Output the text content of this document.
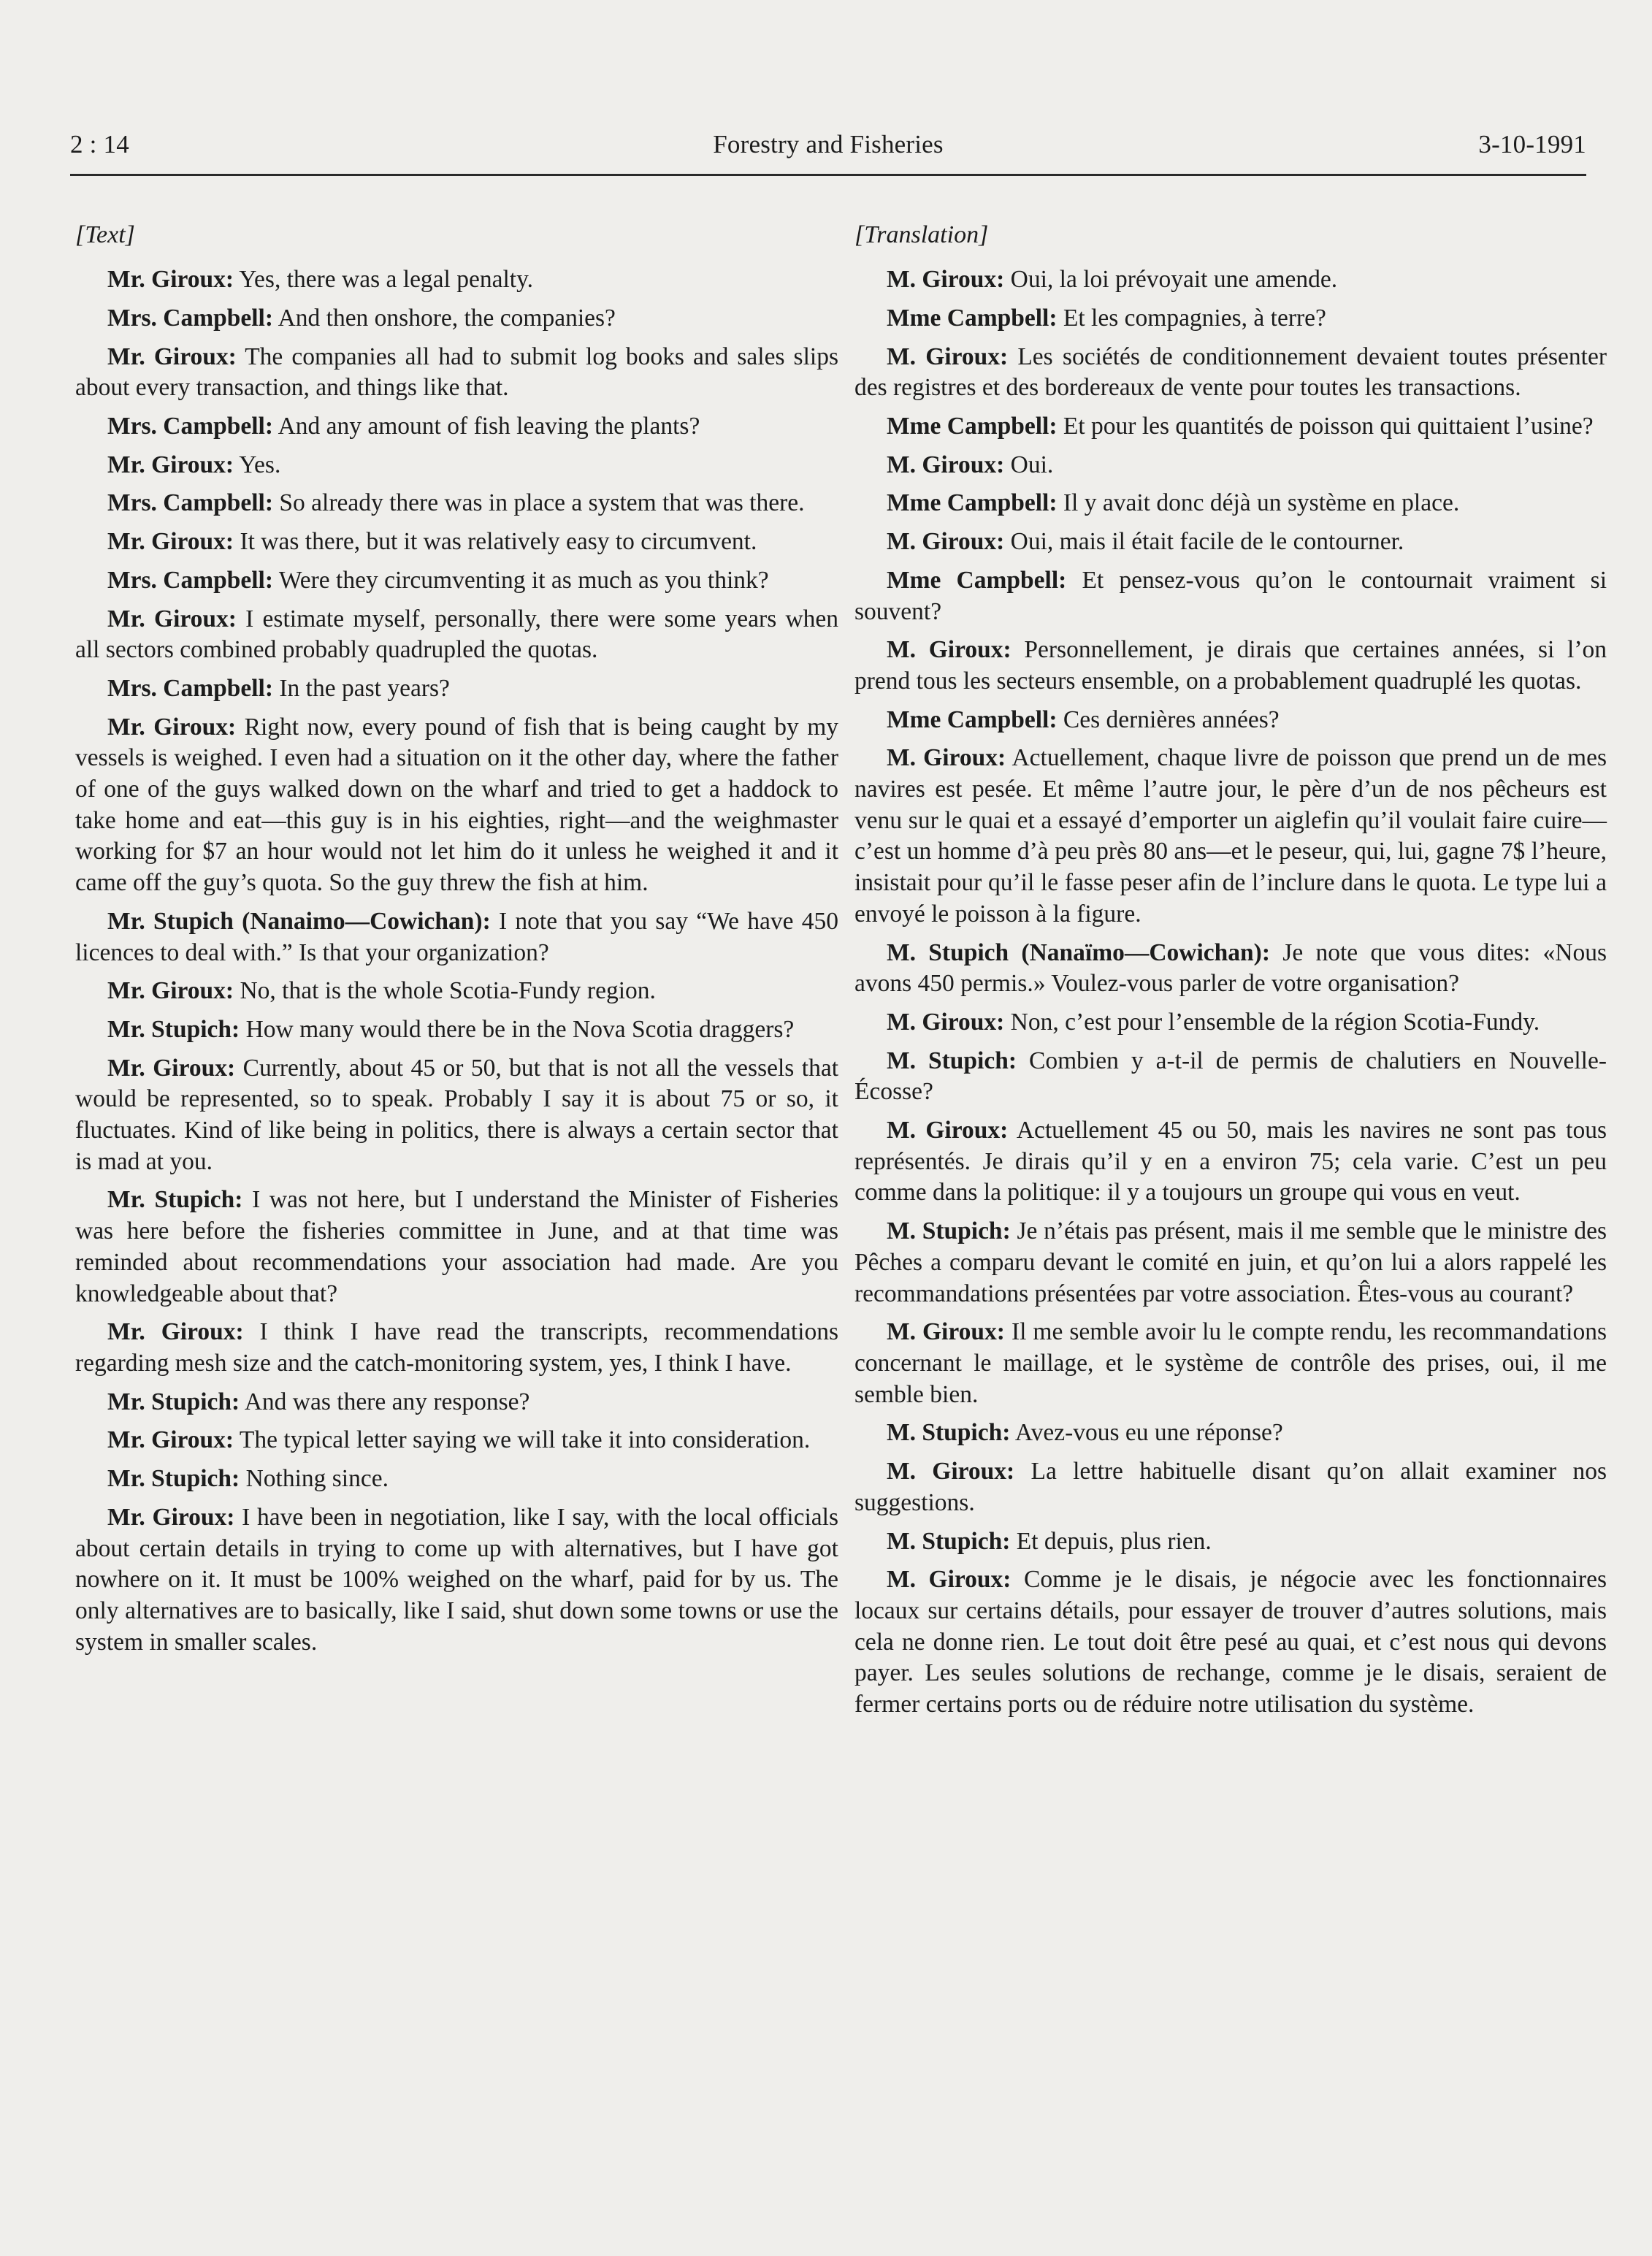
2 : 14	Forestry and Fisheries	3-10-1991
[Text]

Mr. Giroux: Yes, there was a legal penalty.

Mrs. Campbell: And then onshore, the companies?

Mr. Giroux: The companies all had to submit log books and sales slips about every transaction, and things like that.

Mrs. Campbell: And any amount of fish leaving the plants?

Mr. Giroux: Yes.

Mrs. Campbell: So already there was in place a system that was there.

Mr. Giroux: It was there, but it was relatively easy to circumvent.

Mrs. Campbell: Were they circumventing it as much as you think?

Mr. Giroux: I estimate myself, personally, there were some years when all sectors combined probably quadrupled the quotas.

Mrs. Campbell: In the past years?

Mr. Giroux: Right now, every pound of fish that is being caught by my vessels is weighed. I even had a situation on it the other day, where the father of one of the guys walked down on the wharf and tried to get a haddock to take home and eat—this guy is in his eighties, right—and the weighmaster working for $7 an hour would not let him do it unless he weighed it and it came off the guy’s quota. So the guy threw the fish at him.

Mr. Stupich (Nanaimo—Cowichan): I note that you say “We have 450 licences to deal with.” Is that your organization?

Mr. Giroux: No, that is the whole Scotia-Fundy region.

Mr. Stupich: How many would there be in the Nova Scotia draggers?

Mr. Giroux: Currently, about 45 or 50, but that is not all the vessels that would be represented, so to speak. Probably I say it is about 75 or so, it fluctuates. Kind of like being in politics, there is always a certain sector that is mad at you.

Mr. Stupich: I was not here, but I understand the Minister of Fisheries was here before the fisheries committee in June, and at that time was reminded about recommendations your association had made. Are you knowledgeable about that?

Mr. Giroux: I think I have read the transcripts, recommendations regarding mesh size and the catch-monitoring system, yes, I think I have.

Mr. Stupich: And was there any response?

Mr. Giroux: The typical letter saying we will take it into consideration.

Mr. Stupich: Nothing since.

Mr. Giroux: I have been in negotiation, like I say, with the local officials about certain details in trying to come up with alternatives, but I have got nowhere on it. It must be 100% weighed on the wharf, paid for by us. The only alternatives are to basically, like I said, shut down some towns or use the system in smaller scales.

[Translation]

M. Giroux: Oui, la loi prévoyait une amende.

Mme Campbell: Et les compagnies, à terre?

M. Giroux: Les sociétés de conditionnement devaient toutes présenter des registres et des bordereaux de vente pour toutes les transactions.

Mme Campbell: Et pour les quantités de poisson qui quittaient l’usine?

M. Giroux: Oui.

Mme Campbell: Il y avait donc déjà un système en place.

M. Giroux: Oui, mais il était facile de le contourner.

Mme Campbell: Et pensez-vous qu’on le contournait vraiment si souvent?

M. Giroux: Personnellement, je dirais que certaines années, si l’on prend tous les secteurs ensemble, on a probablement quadruplé les quotas.

Mme Campbell: Ces dernières années?

M. Giroux: Actuellement, chaque livre de poisson que prend un de mes navires est pesée. Et même l’autre jour, le père d’un de nos pêcheurs est venu sur le quai et a essayé d’emporter un aiglefin qu’il voulait faire cuire—c’est un homme d’à peu près 80 ans—et le peseur, qui, lui, gagne 7$ l’heure, insistait pour qu’il le fasse peser afin de l’inclure dans le quota. Le type lui a envoyé le poisson à la figure.

M. Stupich (Nanaïmo—Cowichan): Je note que vous dites: «Nous avons 450 permis.» Voulez-vous parler de votre organisation?

M. Giroux: Non, c’est pour l’ensemble de la région Scotia-Fundy.

M. Stupich: Combien y a-t-il de permis de chalutiers en Nouvelle-Écosse?

M. Giroux: Actuellement 45 ou 50, mais les navires ne sont pas tous représentés. Je dirais qu’il y en a environ 75; cela varie. C’est un peu comme dans la politique: il y a toujours un groupe qui vous en veut.

M. Stupich: Je n’étais pas présent, mais il me semble que le ministre des Pêches a comparu devant le comité en juin, et qu’on lui a alors rappelé les recommandations présentées par votre association. Êtes-vous au courant?

M. Giroux: Il me semble avoir lu le compte rendu, les recommandations concernant le maillage, et le système de contrôle des prises, oui, il me semble bien.

M. Stupich: Avez-vous eu une réponse?

M. Giroux: La lettre habituelle disant qu’on allait examiner nos suggestions.

M. Stupich: Et depuis, plus rien.

M. Giroux: Comme je le disais, je négocie avec les fonctionnaires locaux sur certains détails, pour essayer de trouver d’autres solutions, mais cela ne donne rien. Le tout doit être pesé au quai, et c’est nous qui devons payer. Les seules solutions de rechange, comme je le disais, seraient de fermer certains ports ou de réduire notre utilisation du système.
